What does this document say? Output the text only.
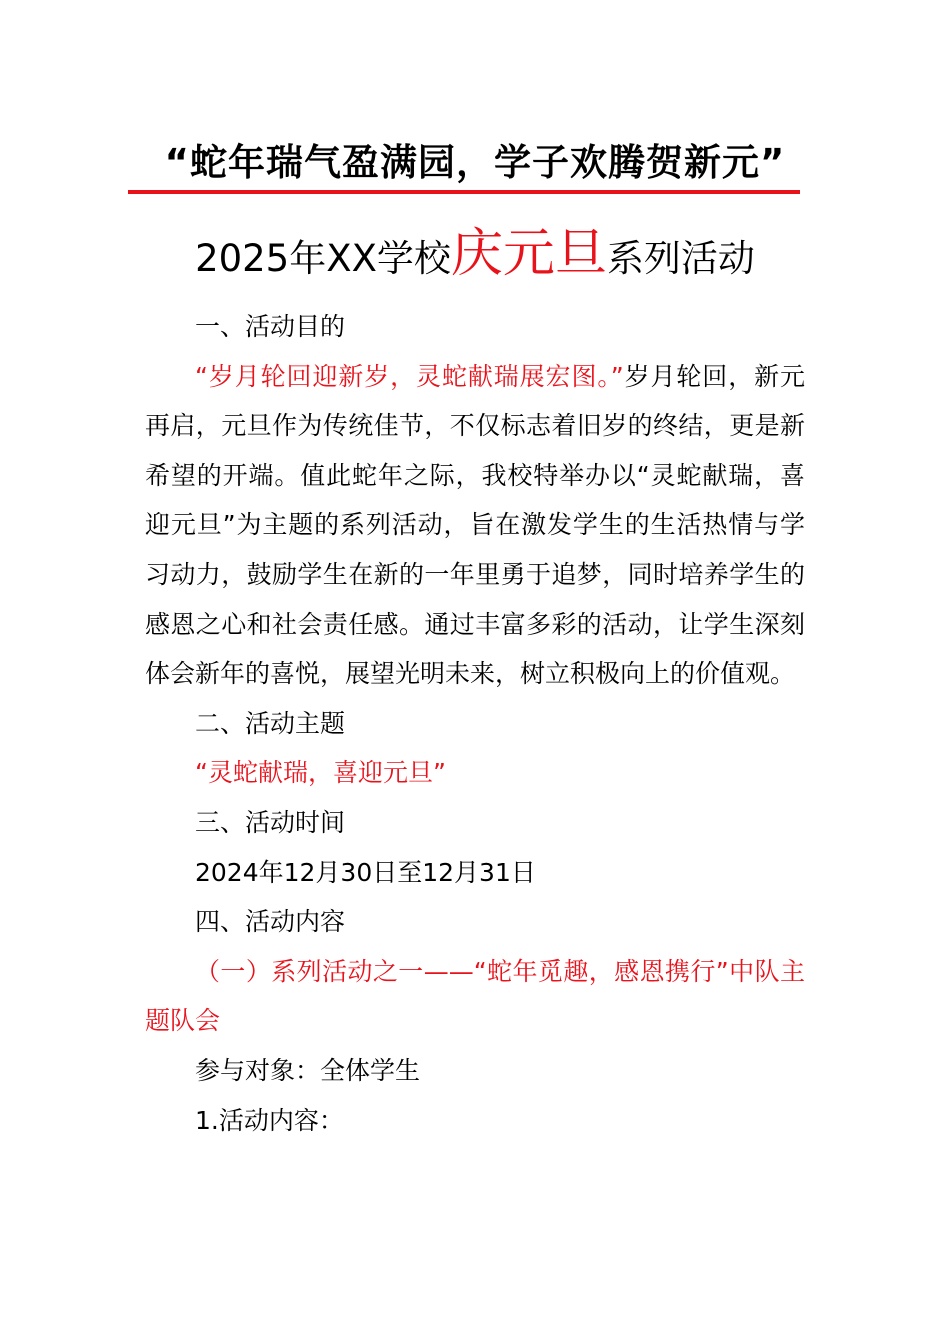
“蛇年瑞气盈满园，学子欢腾贺新元”
2025年XX学校庆元旦系列活动

一、活动目的

“岁月轮回迎新岁，灵蛇献瑞展宏图。”岁月轮回，新元再启，元旦作为传统佳节，不仅标志着旧岁的终结，更是新希望的开端。值此蛇年之际，我校特举办以“灵蛇献瑞，喜迎元旦”为主题的系列活动，旨在激发学生的生活热情与学习动力，鼓励学生在新的一年里勇于追梦，同时培养学生的感恩之心和社会责任感。通过丰富多彩的活动，让学生深刻体会新年的喜悦，展望光明未来，树立积极向上的价值观。

二、活动主题

“灵蛇献瑞，喜迎元旦”

三、活动时间

2024年12月30日至12月31日

四、活动内容

（一）系列活动之一——“蛇年觅趣，感恩携行”中队主题队会

参与对象：全体学生

1.活动内容：
